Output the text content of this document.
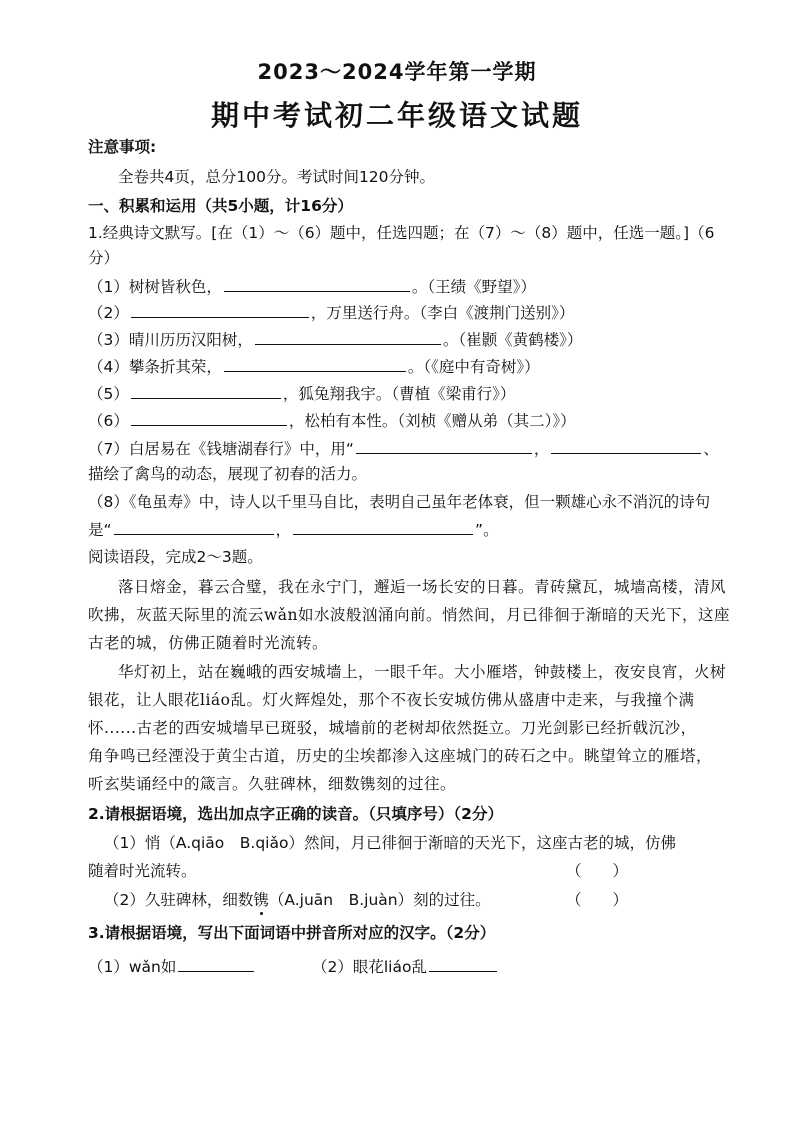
2023～2024学年第一学期
期中考试初二年级语文试题
注意事项:
全卷共4页，总分100分。考试时间120分钟。
一、积累和运用（共5小题，计16分）
1.经典诗文默写。[在（1）～（6）题中，任选四题；在（7）～（8）题中，任选一题。]（6
分）
（1）树树皆秋色，	。（王绩《野望》）
（2）	，万里送行舟。（李白《渡荆门送别》）
（3）晴川历历汉阳树，	。（崔颢《黄鹤楼》）
（4）攀条折其荣，	。（《庭中有奇树》）
（5）	，狐兔翔我宇。（曹植《梁甫行》）
（6）	，松柏有本性。（刘桢《赠从弟（其二）》）
（7）白居易在《钱塘湖春行》中，用“	，	、
描绘了禽鸟的动态，展现了初春的活力。
（8）《龟虽寿》中，诗人以千里马自比，表明自己虽年老体衰，但一颗雄心永不消沉的诗句
是“	，	”。
阅读语段，完成2～3题。
落日熔金，暮云合璧，我在永宁门，邂逅一场长安的日暮。青砖黛瓦，城墙高楼，清风
吹拂，灰蓝天际里的流云wǎn如水波般汹涌向前。悄然间，月已徘徊于渐暗的天光下，这座
古老的城，仿佛正随着时光流转。
华灯初上，站在巍峨的西安城墙上，一眼千年。大小雁塔，钟鼓楼上，夜安良宵，火树
银花，让人眼花liáo乱。灯火辉煌处，那个不夜长安城仿佛从盛唐中走来，与我撞个满
怀......古老的西安城墙早已斑驳，城墙前的老树却依然挺立。刀光剑影已经折戟沉沙，
角争鸣已经湮没于黄尘古道，历史的尘埃都渗入这座城门的砖石之中。眺望耸立的雁塔，
听玄奘诵经中的箴言。久驻碑林，细数镌刻的过往。
2.请根据语境，选出加点字正确的读音。（只填序号）（2分）
（1）悄（A.qiāo　B.qiǎo）然间，月已徘徊于渐暗的天光下，这座古老的城，仿佛
随着时光流转。	（　　）
（2）久驻碑林，细数镌（A.juān　B.juàn）刻的过往。	（　　）
3.请根据语境，写出下面词语中拼音所对应的汉字。（2分）
（1）wǎn如	（2）眼花liáo乱
